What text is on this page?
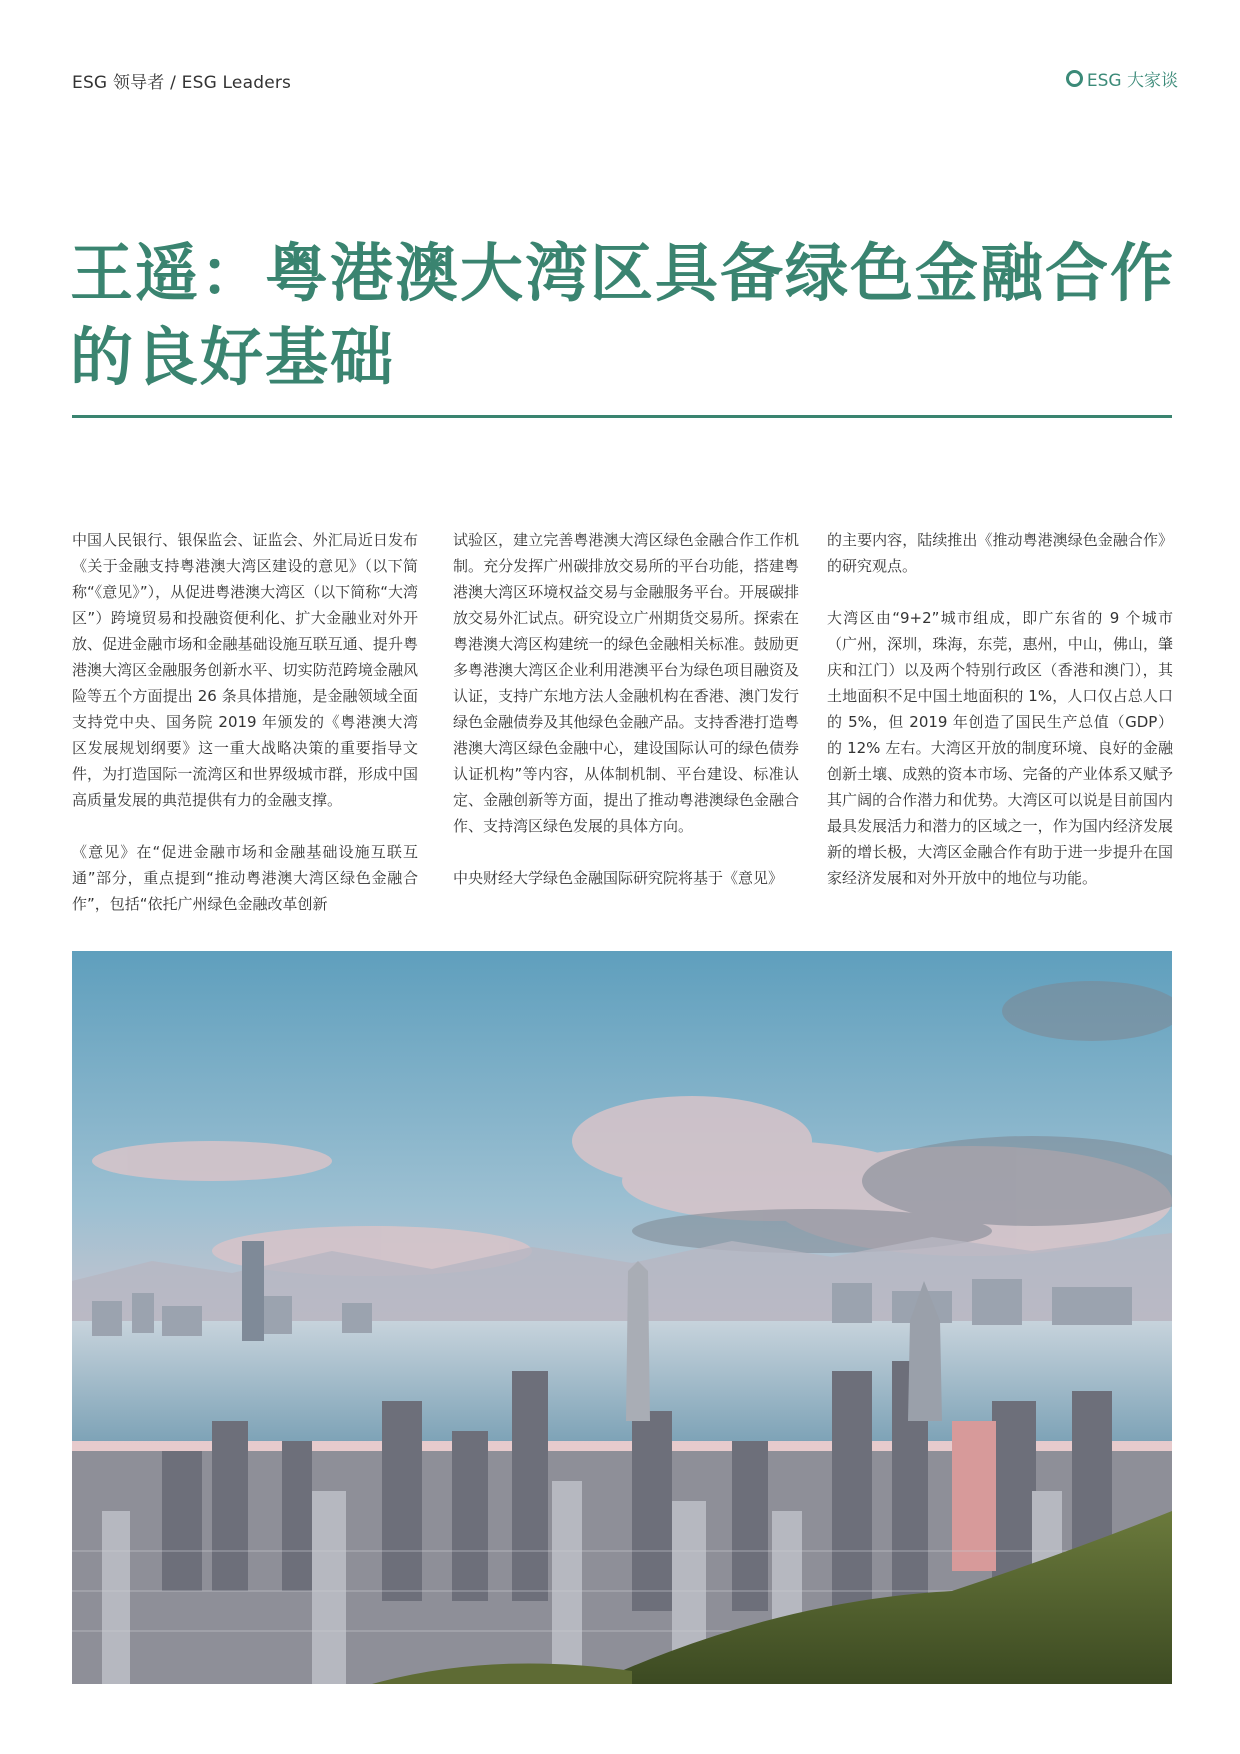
ESG 领导者 / ESG Leaders	ESG 大家谈
王遥：粤港澳大湾区具备绿色金融合作的良好基础

中国人民银行、银保监会、证监会、外汇局近日发布《关于金融支持粤港澳大湾区建设的意见》（以下简称“《意见》”），从促进粤港澳大湾区（以下简称“大湾区”）跨境贸易和投融资便利化、扩大金融业对外开放、促进金融市场和金融基础设施互联互通、提升粤港澳大湾区金融服务创新水平、切实防范跨境金融风险等五个方面提出 26 条具体措施，是金融领域全面支持党中央、国务院 2019 年颁发的《粤港澳大湾区发展规划纲要》这一重大战略决策的重要指导文件，为打造国际一流湾区和世界级城市群，形成中国高质量发展的典范提供有力的金融支撑。

《意见》在“促进金融市场和金融基础设施互联互通”部分，重点提到“推动粤港澳大湾区绿色金融合作”，包括“依托广州绿色金融改革创新

试验区，建立完善粤港澳大湾区绿色金融合作工作机制。充分发挥广州碳排放交易所的平台功能，搭建粤港澳大湾区环境权益交易与金融服务平台。开展碳排放交易外汇试点。研究设立广州期货交易所。探索在粤港澳大湾区构建统一的绿色金融相关标准。鼓励更多粤港澳大湾区企业利用港澳平台为绿色项目融资及认证，支持广东地方法人金融机构在香港、澳门发行绿色金融债券及其他绿色金融产品。支持香港打造粤港澳大湾区绿色金融中心，建设国际认可的绿色债券认证机构”等内容，从体制机制、平台建设、标准认定、金融创新等方面，提出了推动粤港澳绿色金融合作、支持湾区绿色发展的具体方向。

中央财经大学绿色金融国际研究院将基于《意见》

的主要内容，陆续推出《推动粤港澳绿色金融合作》的研究观点。

大湾区由“9+2”城市组成，即广东省的 9 个城市（广州，深圳，珠海，东莞，惠州，中山，佛山，肇庆和江门）以及两个特别行政区（香港和澳门），其土地面积不足中国土地面积的 1%，人口仅占总人口的 5%，但 2019 年创造了国民生产总值（GDP）的 12% 左右。大湾区开放的制度环境、良好的金融创新土壤、成熟的资本市场、完备的产业体系又赋予其广阔的合作潜力和优势。大湾区可以说是目前国内最具发展活力和潜力的区域之一，作为国内经济发展新的增长极，大湾区金融合作有助于进一步提升在国家经济发展和对外开放中的地位与功能。
